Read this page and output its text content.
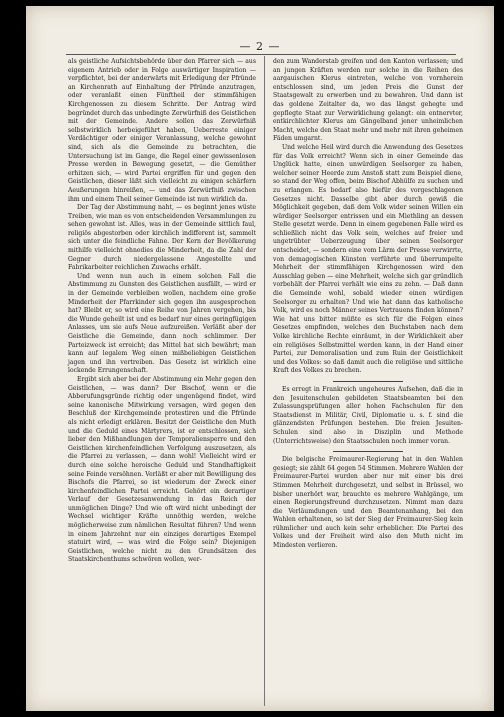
— 2 —

als geistliche Aufsichtsbehörde über den Pfarrer sich — aus eigenem Antrieb oder in Folge auswärtiger Inspiration — verpflichtet, bei der anderwärts mit Erledigung der Pfründe an Kirchenrath auf Einhaltung der Pfründe anzutragen, oder veranlaßt einen Fünftheil der stimmfähigen Kirchgenossen zu diesem Schritte. Der Antrag wird begründet durch das unbedingte Zerwürfniß des Geistlichen mit der Gemeinde. Andere sollen das Zerwürfniß selbstwirklich herbeigeführt haben, Ueberreste einiger Verdächtiger oder einiger Veranlassung, welche gewohnt sind, sich als die Gemeinde zu betrachten, die Untersuchung ist im Gange, die Regel einer gewissenlosen Presse werden in Bewegung gesetzt, — die Gemüther erhitzen sich, — wird Partei ergriffen für und gegen den Geistlichen, dieser läßt sich vielleicht zu einigen schärfern Aeußerungen hinreißen, — und das Zerwürfniß zwischen ihm und einem Theil seiner Gemeinde ist nun wirklich da.

Der Tag der Abstimmung naht, — es beginnt jenes wüste Treiben, wie man es von entscheidenden Versammlungen zu sehen gewohnt ist. Alles, was in der Gemeinde sittlich faul, religiös abgestorben oder kirchlich indifferent ist, sammelt sich unter die feindliche Fahne. Der Kern der Bevölkerung mithilfe vielleicht ohnedies die Minderheit, da die Zahl der Gegner durch niedergelassene Angestellte und Fabrikarbeiter reichlichen Zuwachs erhält.

Und wenn nun auch in einem solchen Fall die Abstimmung zu Gunsten des Geistlichen ausfällt, — wird er in der Gemeinde verbleiben wollen, nachdem eine große Minderheit der Pfarrkinder sich gegen ihn ausgesprochen hat? Bleibt er, so wird eine Reihe von Jahren vergehen, bis die Wunde geheilt ist und es bedarf nur eines geringfügigen Anlasses, um sie aufs Neue aufzureißen. Verläßt aber der Geistliche die Gemeinde, dann noch schlimmer. Der Parteizweck ist erreicht; das Mittel hat sich bewährt; man kann auf legalem Weg einen mißbeliebigen Geistlichen jagen und ihn vertreiben. Das Gesetz ist wirklich eine lockende Errungenschaft.

Ergibt sich aber bei der Abstimmung ein Mehr gegen den Geistlichen, — was dann? Der Bischof, wenn er die Abberufungsgründe richtig oder ungenügend findet, wird seine kanonische Mitwirkung versagen, wird gegen den Beschluß der Kirchgemeinde protestiren und die Pfründe als nicht erledigt erklären. Besitzt der Geistliche den Muth und die Geduld eines Märtyrers, ist er entschlossen, sich lieber den Mißhandlungen der Temporaliensperre und den Geistlichen kirchenfeindlichen Verfolgung auszusetzen, als die Pfarrei zu verlassen, — dann wohl! Vielleicht wird er durch eine solche heroische Geduld und Standhaftigkeit seine Feinde versöhnen. Verläßt er aber mit Bewilligung des Bischofs die Pfarrei, so ist wiederum der Zweck einer kirchenfeindlichen Partei erreicht. Gehört ein derartiger Verlauf der Gesetzesanwendung in das Reich der unmöglichen Dinge? Und wie oft wird nicht unbedingt der Wechsel wichtiger Kräfte unnöthig werden, welche möglicherweise zum nämlichen Resultat führen? Und wenn in einem Jahrzehnt nur ein einziges derartiges Exempel statuirt wird, — was wird die Folge sein? Diejenigen Geistlichen, welche nicht zu den Grundsätzen des Staatskirchenthums schwören wollen, wer-

den zum Wanderstab greifen und den Kanton verlassen; und an jungen Kräften werden nur solche in die Reihen des aargauischen Klerus eintreten, welche von vornherein entschlossen sind, um jeden Preis die Gunst der Staatsgewalt zu erwerben und zu bewahren. Und dann ist das goldene Zeitalter da, wo das längst gehegte und gepflegte Staat zur Verwirklichung gelangt: ein entnervter, entkirchlichter Klerus am Gängelband jener unheimlichen Macht, welche den Staat mehr und mehr mit ihren geheimen Fäden umgarnt.

Und welche Heil wird durch die Anwendung des Gesetzes für das Volk erreicht? Wenn sich in einer Gemeinde das Unglück hatte, einen unwürdigen Seelsorger zu haben, welcher seiner Heerde zum Anstoß statt zum Beispiel diene, so stand der Weg offen, beim Bischof Abhülfe zu suchen und zu erlangen. Es bedarf also hiefür des vorgeschlagenen Gesetzes nicht. Dasselbe gibt aber durch gewiß die Möglichkeit gegeben, daß dem Volk wider seinen Willen ein würdiger Seelsorger entrissen und ein Miethling an dessen Stelle gesetzt werde. Denn in einem gegebenen Falle wird es schließlich nicht das Volk sein, welches auf freier und ungetrübter Ueberzeugung über seinen Seelsorger entscheidet, — sondern eine vom Lärm der Presse verwirrte, von demagogischen Künsten verführte und überrumpelte Mehrheit der stimmfähigen Kirchgenossen wird den Ausschlag geben — eine Mehrheit, welche sich gar gründlich vorbehält der Pfarrei verhält wie eins zu zehn. — Daß dann die Gemeinde wohl, sobald wieder einen würdigen Seelsorger zu erhalten? Und wie hat dann das katholische Volk, wird es noch Männer seines Vertrauens finden können? Wie hat uns bitter müßte es sich für die Folgen eines Gesetzes empfinden, welches den Buchstaben nach dem Volke kirchliche Rechte einräumt, in der Wirklichkeit aber ein religiöses Selbstmittel werden kann, in der Hand einer Partei, zur Demoralisation und zum Ruin der Geistlichkeit und des Volkes: so daß damit auch die religiöse und sittliche Kraft des Volkes zu brechen.

Es erregt in Frankreich ungeheures Aufsehen, daß die in den Jesuitenschulen gebildeten Staatsbeamten bei den Zulassungsprüfungen aller hohen Fachschulen für den Staatsdienst in Militär, Civil, Diplomatie u. s. f. sind die glänzendsten Prüfungen bestehen. Die freien Jesuiten-Schulen sind also in Disziplin und Methode (Unterrichtsweise) den Staatsschulen noch immer voran.

Die belgische Freimaurer-Regierung hat in den Wahlen gesiegt; sie zählt 64 gegen 54 Stimmen. Mehrere Wahlen der Freimaurer-Partei wurden aber nur mit einer bis drei Stimmen Mehrheit durchgesetzt, und selbst in Brüssel, wo bisher unerhört war, brauchte es mehrere Wahlgänge, um einen Regierungsfreund durchzusetzen. Nimmt man dazu die Verläumdungen und den Beamtenanhang, bei den Wahlen erhaltenen, so ist der Sieg der Freimaurer-Sieg kein rühmlicher und auch kein sehr erheblicher. Die Partei des Volkes und der Freiheit wird also den Muth nicht im Mindesten verlieren.
